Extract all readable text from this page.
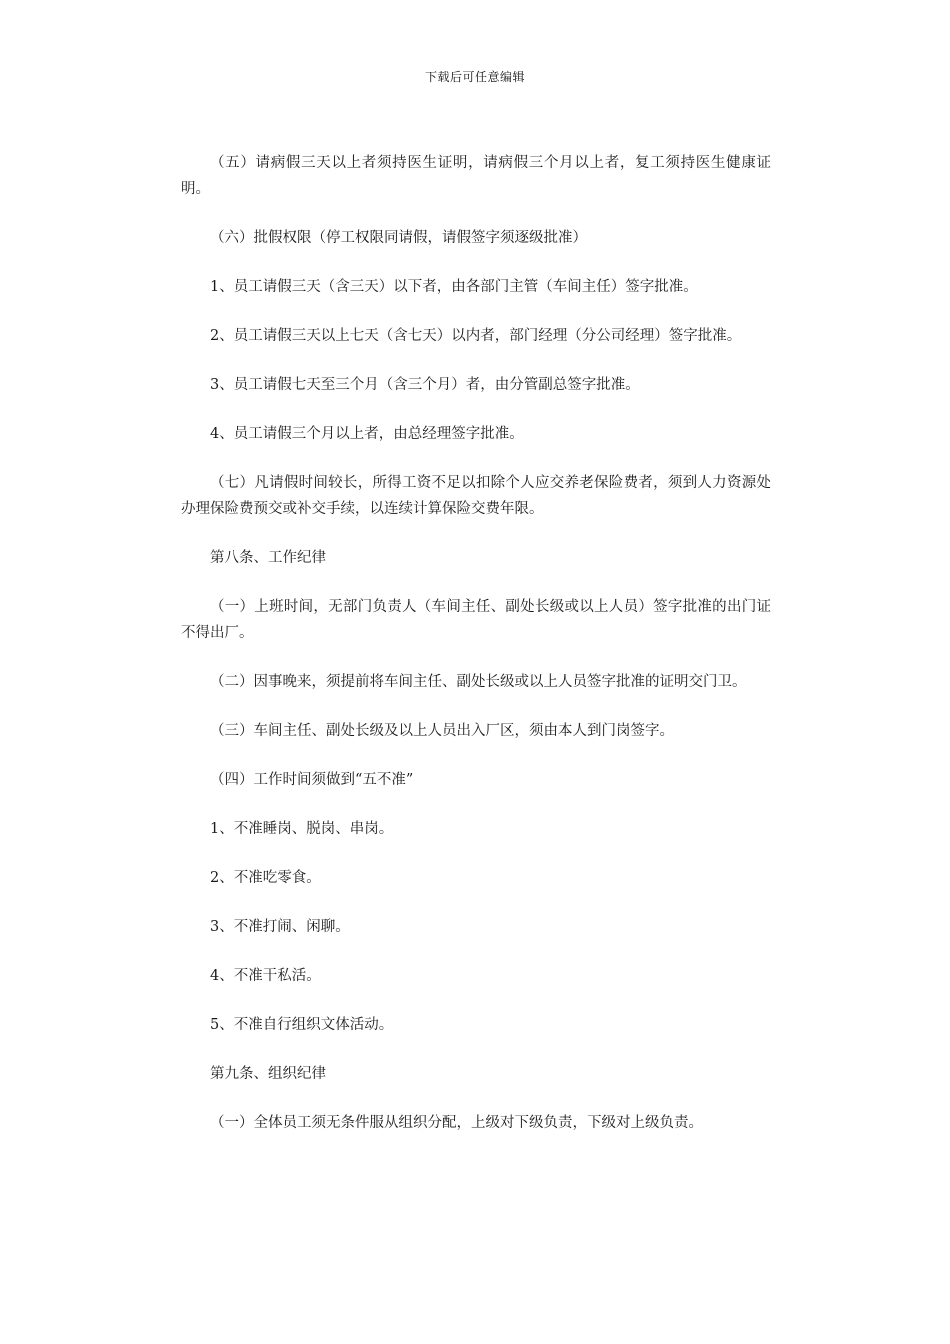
下载后可任意编辑

（五）请病假三天以上者须持医生证明，请病假三个月以上者，复工须持医生健康证明。

（六）批假权限（停工权限同请假，请假签字须逐级批准）

1、员工请假三天（含三天）以下者，由各部门主管（车间主任）签字批准。

2、员工请假三天以上七天（含七天）以内者，部门经理（分公司经理）签字批准。

3、员工请假七天至三个月（含三个月）者，由分管副总签字批准。

4、员工请假三个月以上者，由总经理签字批准。

（七）凡请假时间较长，所得工资不足以扣除个人应交养老保险费者，须到人力资源处办理保险费预交或补交手续，以连续计算保险交费年限。

第八条、工作纪律

（一）上班时间，无部门负责人（车间主任、副处长级或以上人员）签字批准的出门证不得出厂。

（二）因事晚来，须提前将车间主任、副处长级或以上人员签字批准的证明交门卫。

（三）车间主任、副处长级及以上人员出入厂区，须由本人到门岗签字。

（四）工作时间须做到“五不准”

1、不准睡岗、脱岗、串岗。

2、不准吃零食。

3、不准打闹、闲聊。

4、不准干私活。

5、不准自行组织文体活动。

第九条、组织纪律

（一）全体员工须无条件服从组织分配，上级对下级负责，下级对上级负责。
